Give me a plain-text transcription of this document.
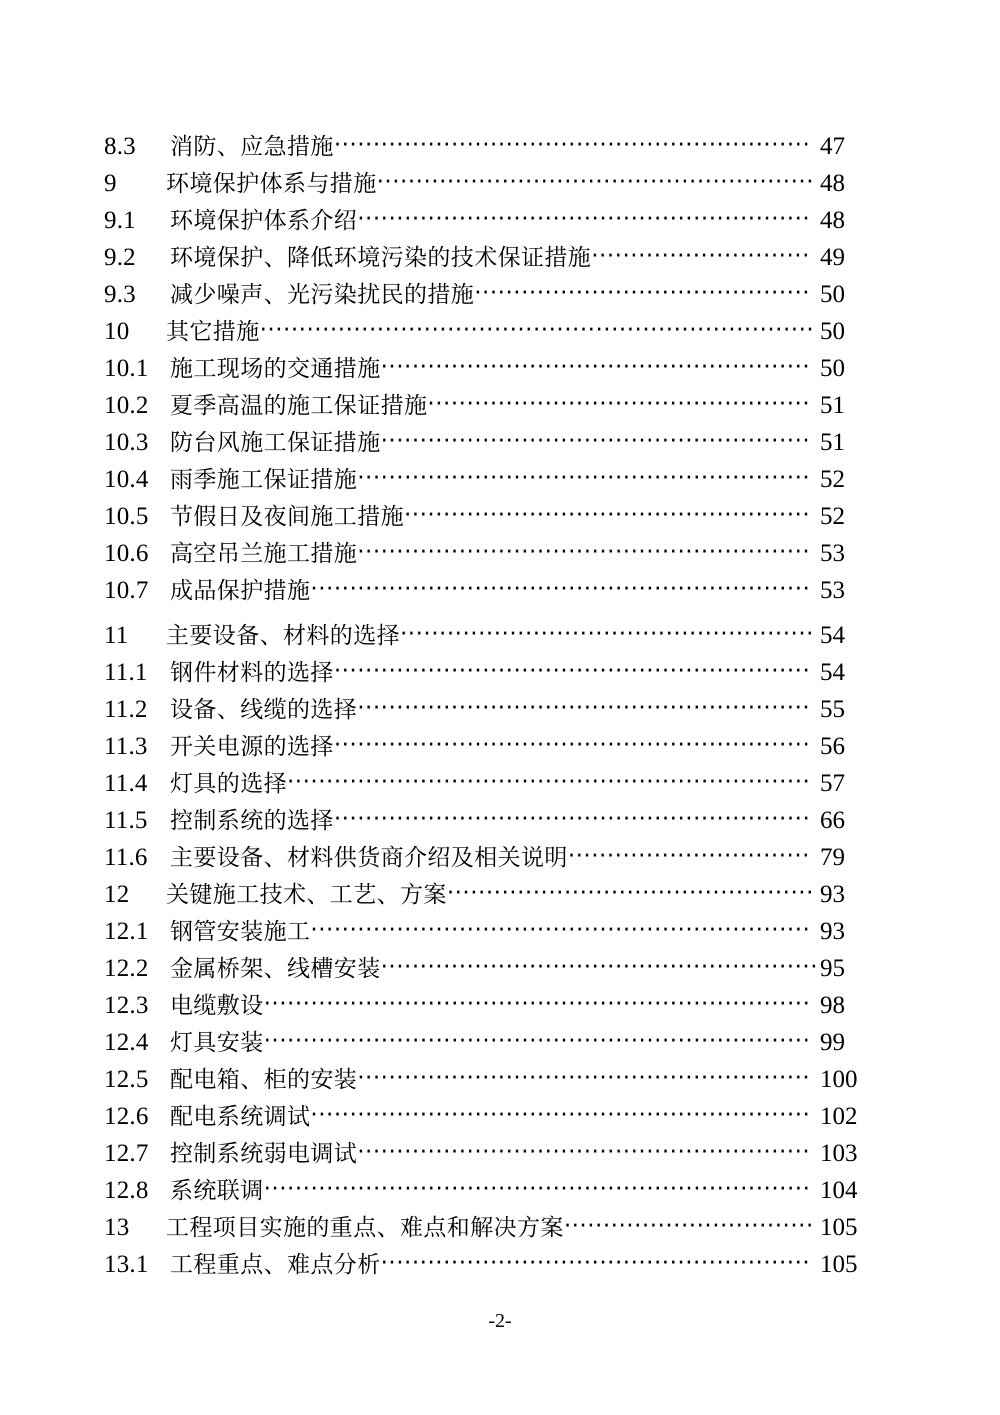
8.3	消防、应急措施 ·····	47
9	环境保护体系与措施 ·····	48
9.1	环境保护体系介绍 ·····	48
9.2	环境保护、降低环境污染的技术保证措施 ·····	49
9.3	减少噪声、光污染扰民的措施 ·····	50
10	其它措施 ·····	50
10.1 施工现场的交通措施 ·····	50
10.2 夏季高温的施工保证措施 ·····	51
10.3 防台风施工保证措施 ·····	51
10.4 雨季施工保证措施 ·····	52
10.5 节假日及夜间施工措施 ·····	52
10.6 高空吊兰施工措施 ·····	53
10.7 成品保护措施 ·····	53
11	主要设备、材料的选择 ·····	54
11.1 钢件材料的选择 ·····	54
11.2 设备、线缆的选择 ·····	55
11.3 开关电源的选择 ·····	56
11.4 灯具的选择 ·····	57
11.5 控制系统的选择 ·····	66
11.6 主要设备、材料供货商介绍及相关说明 ·····	79
12	关键施工技术、工艺、方案 ·····	93
12.1 钢管安装施工 ·····	93
12.2 金属桥架、线槽安装 ·····	95
12.3 电缆敷设 ·····	98
12.4 灯具安装 ·····	99
12.5 配电箱、柜的安装 ·····	100
12.6 配电系统调试 ·····	102
12.7 控制系统弱电调试 ·····	103
12.8 系统联调 ·····	104
13	工程项目实施的重点、难点和解决方案 ·····	105
13.1 工程重点、难点分析 ·····	105
-2-
